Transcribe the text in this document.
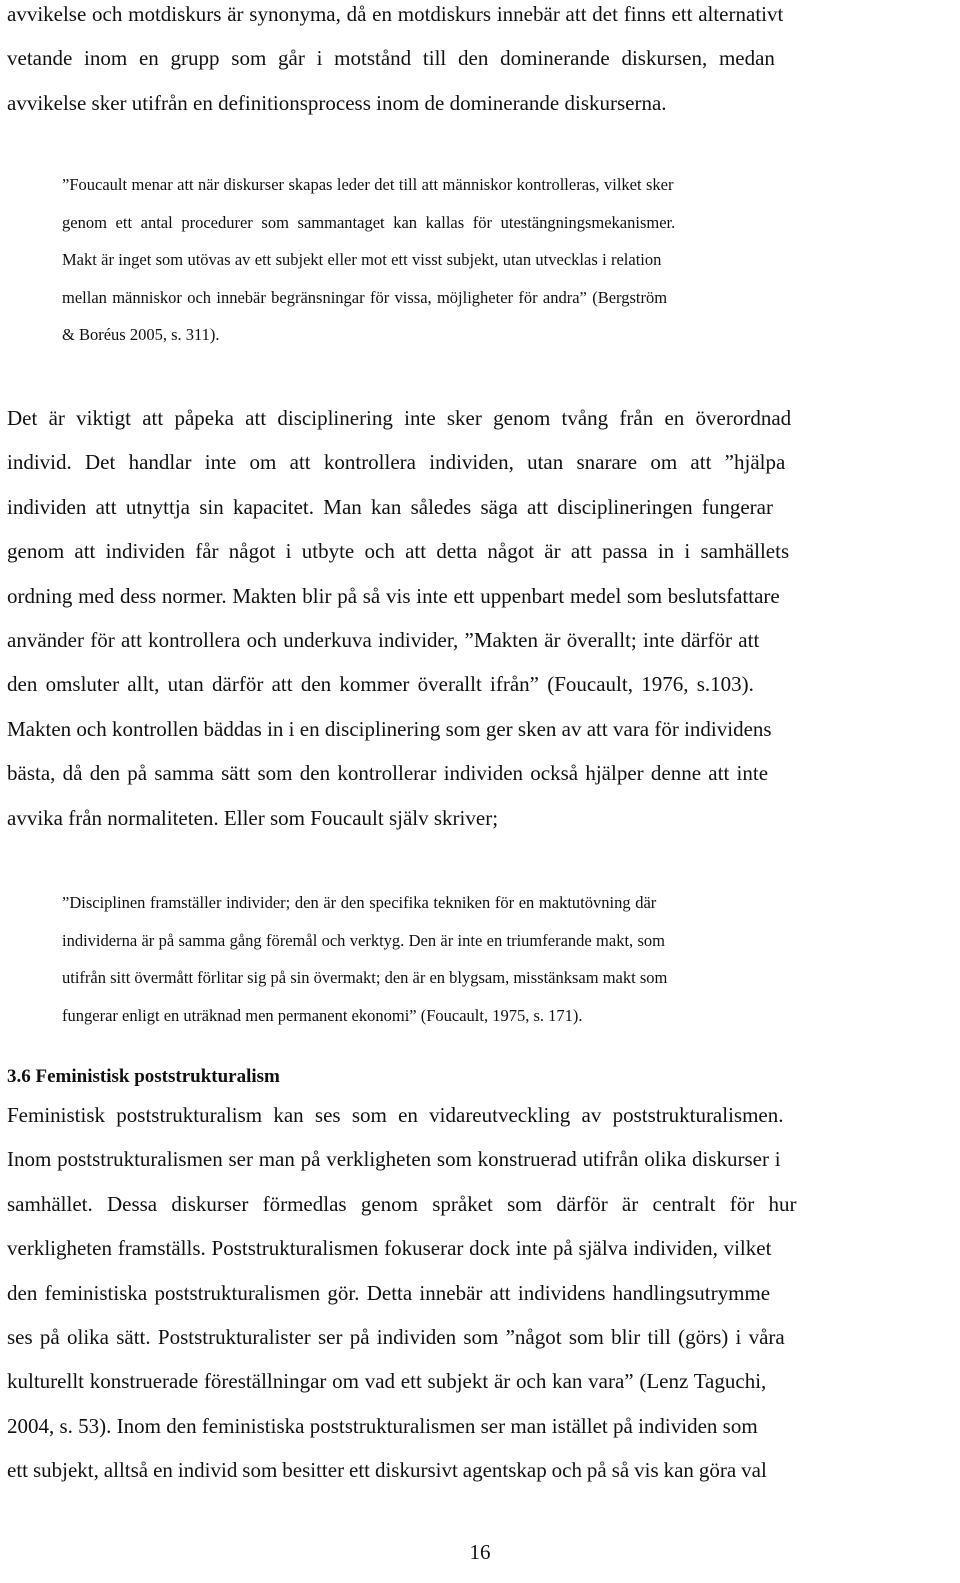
avvikelse och motdiskurs är synonyma, då en motdiskurs innebär att det finns ett alternativt
vetande inom en grupp som går i motstånd till den dominerande diskursen, medan
avvikelse sker utifrån en definitionsprocess inom de dominerande diskurserna.

”Foucault menar att när diskurser skapas leder det till att människor kontrolleras, vilket sker
genom ett antal procedurer som sammantaget kan kallas för utestängningsmekanismer.
Makt är inget som utövas av ett subjekt eller mot ett visst subjekt, utan utvecklas i relation
mellan människor och innebär begränsningar för vissa, möjligheter för andra” (Bergström
& Boréus 2005, s. 311).

Det är viktigt att påpeka att disciplinering inte sker genom tvång från en överordnad
individ. Det handlar inte om att kontrollera individen, utan snarare om att ”hjälpa
individen att utnyttja sin kapacitet. Man kan således säga att disciplineringen fungerar
genom att individen får något i utbyte och att detta något är att passa in i samhällets
ordning med dess normer. Makten blir på så vis inte ett uppenbart medel som beslutsfattare
använder för att kontrollera och underkuva individer, ”Makten är överallt; inte därför att
den omsluter allt, utan därför att den kommer överallt ifrån” (Foucault, 1976, s.103).
Makten och kontrollen bäddas in i en disciplinering som ger sken av att vara för individens
bästa, då den på samma sätt som den kontrollerar individen också hjälper denne att inte
avvika från normaliteten. Eller som Foucault själv skriver;

”Disciplinen framställer individer; den är den specifika tekniken för en maktutövning där
individerna är på samma gång föremål och verktyg. Den är inte en triumferande makt, som
utifrån sitt övermått förlitar sig på sin övermakt; den är en blygsam, misstänksam makt som
fungerar enligt en uträknad men permanent ekonomi” (Foucault, 1975, s. 171).

3.6 Feministisk poststrukturalism

Feministisk poststrukturalism kan ses som en vidareutveckling av poststrukturalismen.
Inom poststrukturalismen ser man på verkligheten som konstruerad utifrån olika diskurser i
samhället. Dessa diskurser förmedlas genom språket som därför är centralt för hur
verkligheten framställs. Poststrukturalismen fokuserar dock inte på själva individen, vilket
den feministiska poststrukturalismen gör. Detta innebär att individens handlingsutrymme
ses på olika sätt. Poststrukturalister ser på individen som ”något som blir till (görs) i våra
kulturellt konstruerade föreställningar om vad ett subjekt är och kan vara” (Lenz Taguchi,
2004, s. 53). Inom den feministiska poststrukturalismen ser man istället på individen som
ett subjekt, alltså en individ som besitter ett diskursivt agentskap och på så vis kan göra val

16
